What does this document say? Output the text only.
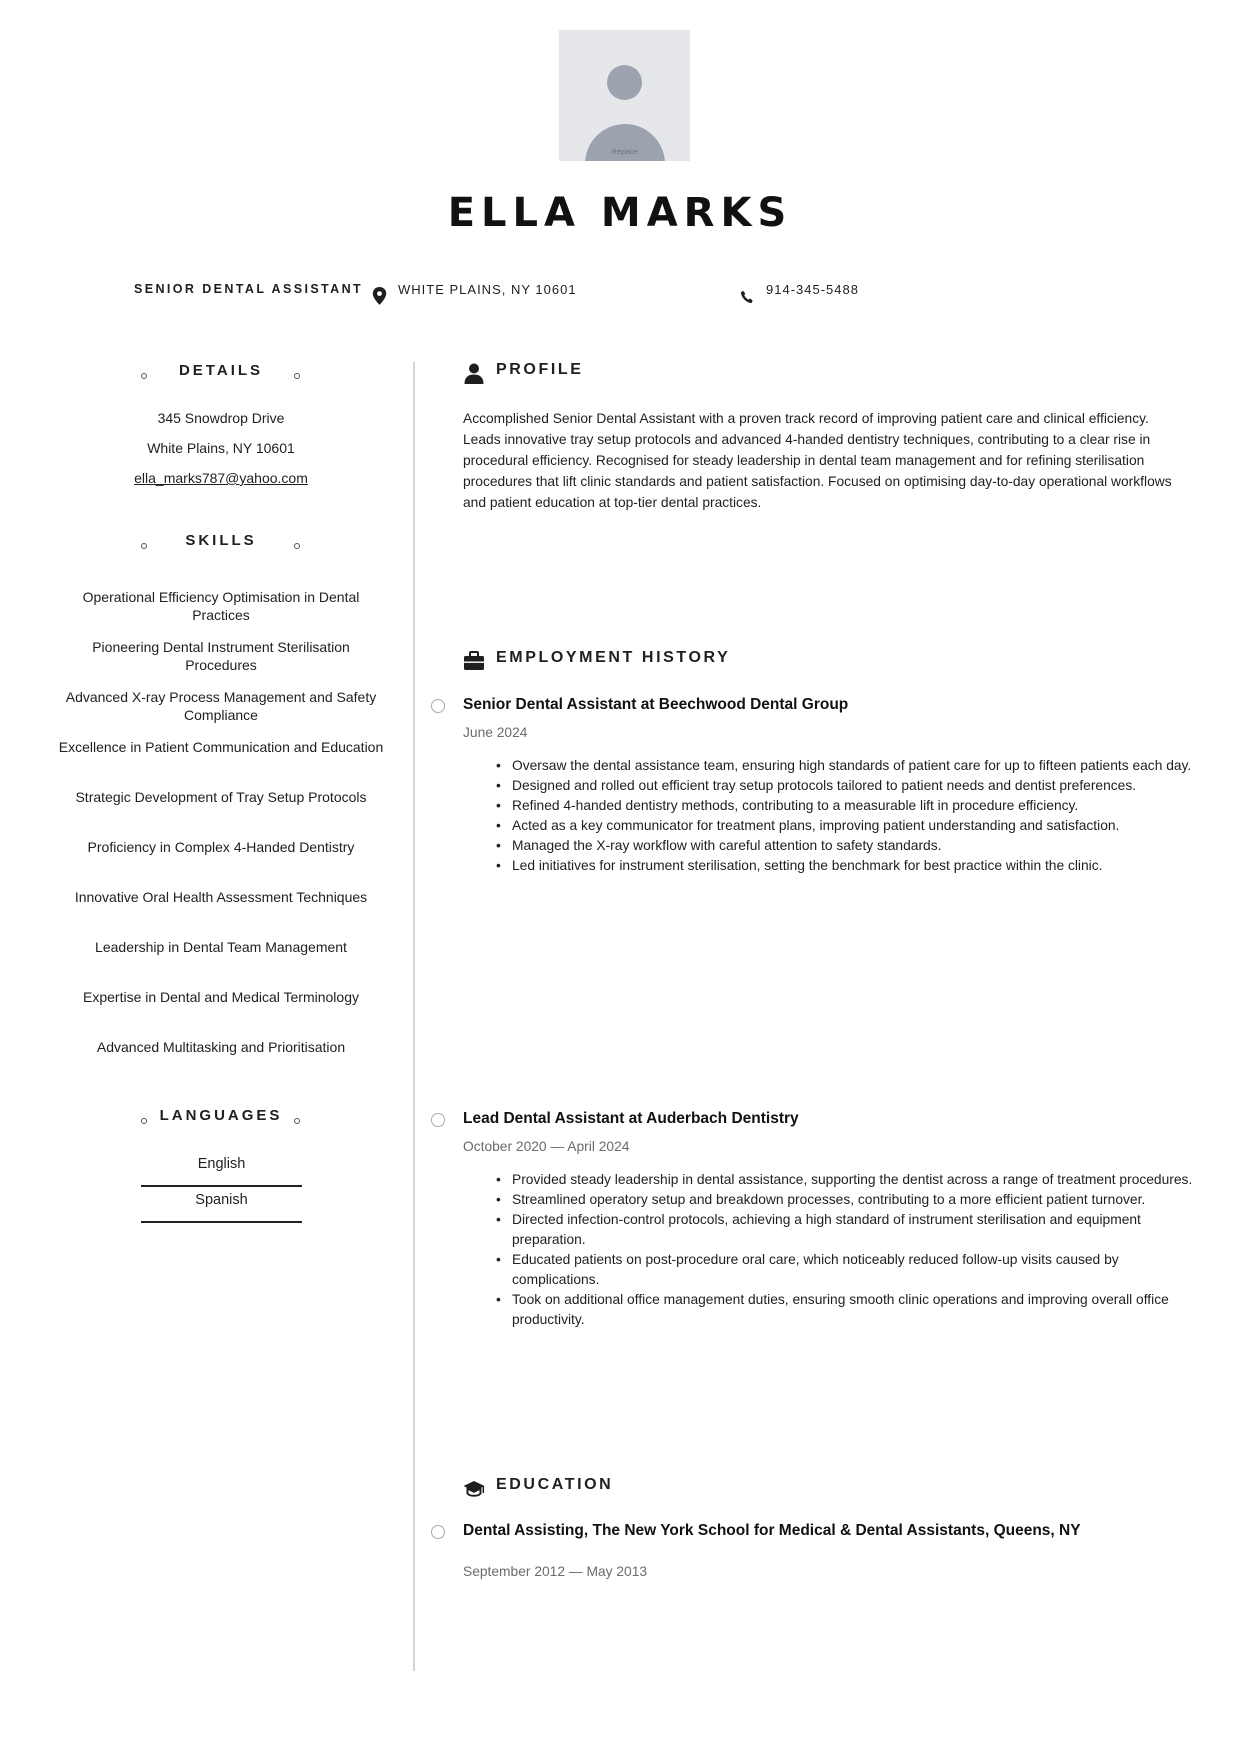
Replace
ELLA MARKS
SENIOR DENTAL ASSISTANT	WHITE PLAINS, NY 10601	914-345-5488
DETAILS
345 Snowdrop Drive
White Plains, NY 10601
ella_marks787@yahoo.com
SKILLS
Operational Efficiency Optimisation in Dental Practices
Pioneering Dental Instrument Sterilisation Procedures
Advanced X-ray Process Management and Safety Compliance
Excellence in Patient Communication and Education
Strategic Development of Tray Setup Protocols
Proficiency in Complex 4-Handed Dentistry
Innovative Oral Health Assessment Techniques
Leadership in Dental Team Management
Expertise in Dental and Medical Terminology
Advanced Multitasking and Prioritisation
LANGUAGES
English
Spanish
PROFILE
Accomplished Senior Dental Assistant with a proven track record of improving patient care and clinical efficiency. Leads innovative tray setup protocols and advanced 4-handed dentistry techniques, contributing to a clear rise in procedural efficiency. Recognised for steady leadership in dental team management and for refining sterilisation procedures that lift clinic standards and patient satisfaction. Focused on optimising day-to-day operational workflows and patient education at top-tier dental practices.
EMPLOYMENT HISTORY
Senior Dental Assistant at Beechwood Dental Group
June 2024
• Oversaw the dental assistance team, ensuring high standards of patient care for up to fifteen patients each day.
• Designed and rolled out efficient tray setup protocols tailored to patient needs and dentist preferences.
• Refined 4-handed dentistry methods, contributing to a measurable lift in procedure efficiency.
• Acted as a key communicator for treatment plans, improving patient understanding and satisfaction.
• Managed the X-ray workflow with careful attention to safety standards.
• Led initiatives for instrument sterilisation, setting the benchmark for best practice within the clinic.
Lead Dental Assistant at Auderbach Dentistry
October 2020 — April 2024
• Provided steady leadership in dental assistance, supporting the dentist across a range of treatment procedures.
• Streamlined operatory setup and breakdown processes, contributing to a more efficient patient turnover.
• Directed infection-control protocols, achieving a high standard of instrument sterilisation and equipment preparation.
• Educated patients on post-procedure oral care, which noticeably reduced follow-up visits caused by complications.
• Took on additional office management duties, ensuring smooth clinic operations and improving overall office productivity.
EDUCATION
Dental Assisting, The New York School for Medical & Dental Assistants, Queens, NY
September 2012 — May 2013
